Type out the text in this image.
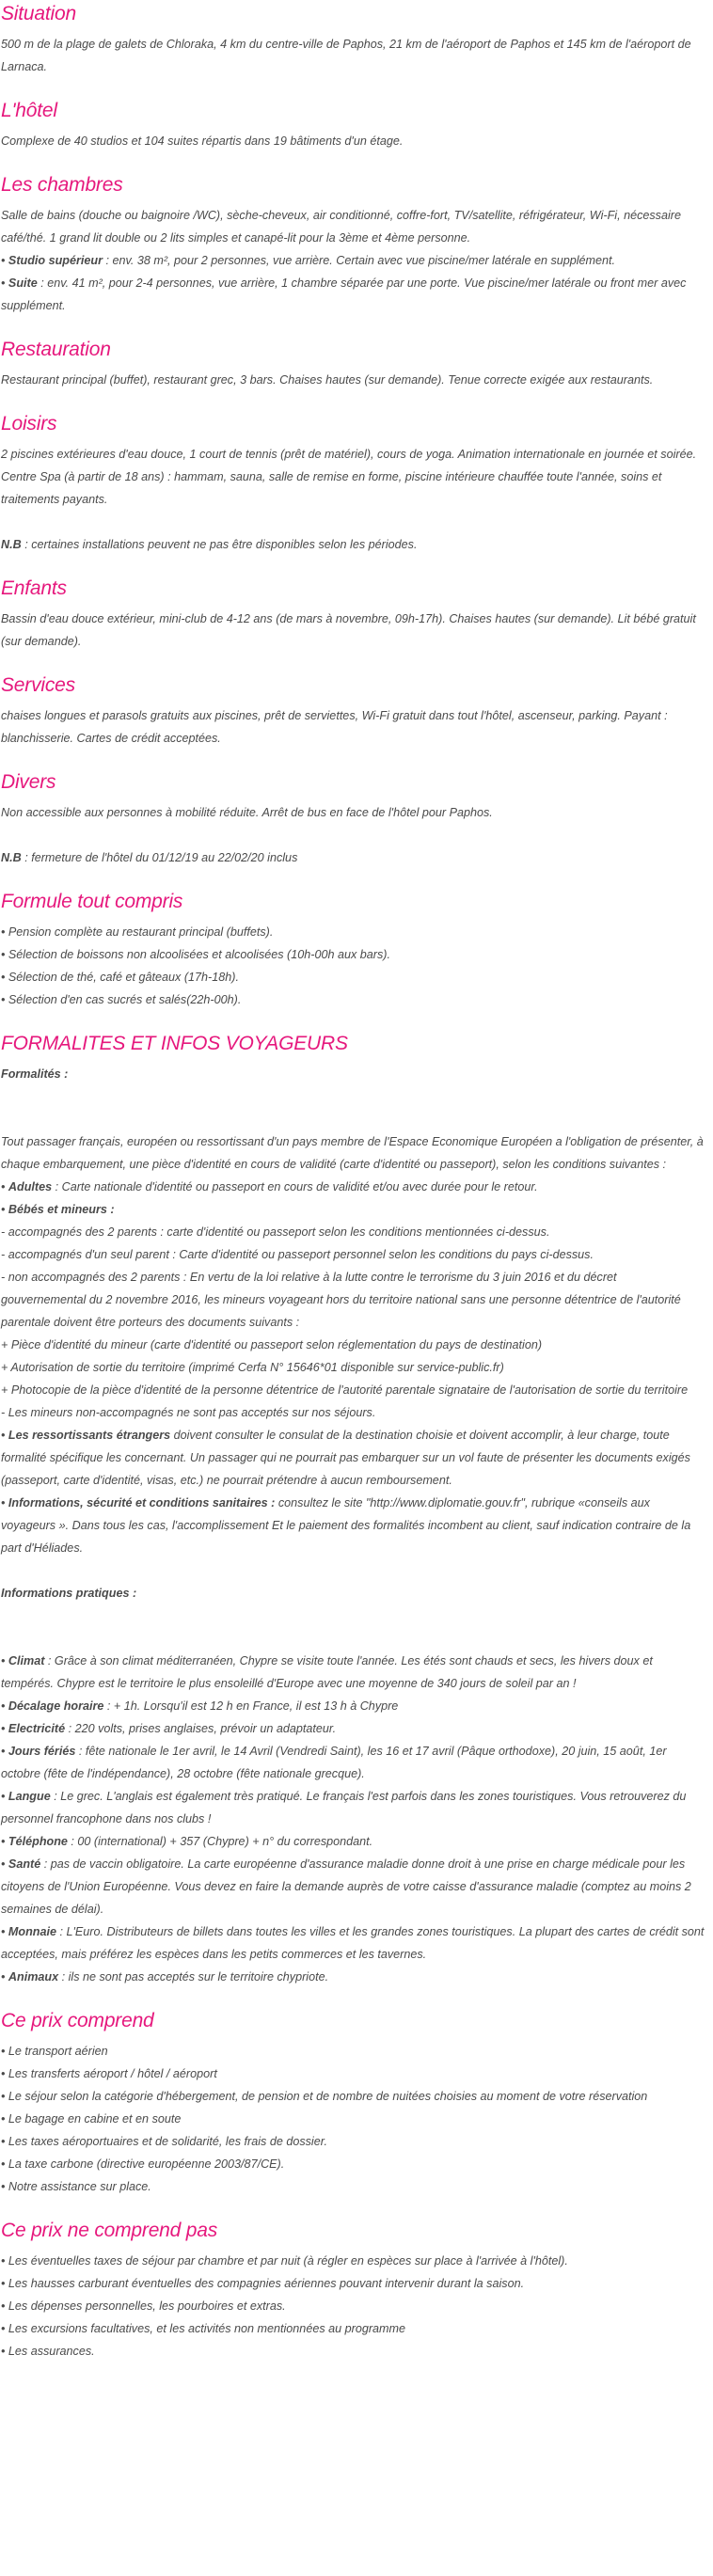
Situation

500 m de la plage de galets de Chloraka, 4 km du centre-ville de Paphos, 21 km de l'aéroport de Paphos et 145 km de l'aéroport de Larnaca.

L'hôtel

Complexe de 40 studios et 104 suites répartis dans 19 bâtiments d'un étage.

Les chambres
Salle de bains (douche ou baignoire /WC), sèche-cheveux, air conditionné, coffre-fort, TV/satellite, réfrigérateur, Wi-Fi, nécessaire café/thé. 1 grand lit double ou 2 lits simples et canapé-lit pour la 3ème et 4ème personne.
• Studio supérieur : env. 38 m², pour 2 personnes, vue arrière. Certain avec vue piscine/mer latérale en supplément.
• Suite : env. 41 m², pour 2-4 personnes, vue arrière, 1 chambre séparée par une porte. Vue piscine/mer latérale ou front mer avec supplément.
Restauration

Restaurant principal (buffet), restaurant grec, 3 bars. Chaises hautes (sur demande). Tenue correcte exigée aux restaurants.

Loisirs
2 piscines extérieures d'eau douce, 1 court de tennis (prêt de matériel), cours de yoga. Animation internationale en journée et soirée. Centre Spa (à partir de 18 ans) : hammam, sauna, salle de remise en forme, piscine intérieure chauffée toute l'année, soins et traitements payants.
N.B : certaines installations peuvent ne pas être disponibles selon les périodes.
Enfants

Bassin d'eau douce extérieur, mini-club de 4-12 ans (de mars à novembre, 09h-17h). Chaises hautes (sur demande). Lit bébé gratuit (sur demande).

Services

chaises longues et parasols gratuits aux piscines, prêt de serviettes, Wi-Fi gratuit dans tout l'hôtel, ascenseur, parking. Payant : blanchisserie. Cartes de crédit acceptées.

Divers
Non accessible aux personnes à mobilité réduite. Arrêt de bus en face de l'hôtel pour Paphos.
N.B : fermeture de l'hôtel du 01/12/19 au 22/02/20 inclus
Formule tout compris
• Pension complète au restaurant principal (buffets).
• Sélection de boissons non alcoolisées et alcoolisées (10h-00h aux bars).
• Sélection de thé, café et gâteaux (17h-18h).
• Sélection d'en cas sucrés et salés(22h-00h).
FORMALITES ET INFOS VOYAGEURS
Formalités :
Tout passager français, européen ou ressortissant d'un pays membre de l'Espace Economique Européen a l'obligation de présenter, à chaque embarquement, une pièce d'identité en cours de validité (carte d'identité ou passeport), selon les conditions suivantes :
• Adultes : Carte nationale d'identité ou passeport en cours de validité et/ou avec durée pour le retour.
• Bébés et mineurs :
- accompagnés des 2 parents : carte d'identité ou passeport selon les conditions mentionnées ci-dessus.
- accompagnés d'un seul parent : Carte d'identité ou passeport personnel selon les conditions du pays ci-dessus.
- non accompagnés des 2 parents : En vertu de la loi relative à la lutte contre le terrorisme du 3 juin 2016 et du décret gouvernemental du 2 novembre 2016, les mineurs voyageant hors du territoire national sans une personne détentrice de l'autorité parentale doivent être porteurs des documents suivants :
+ Pièce d'identité du mineur (carte d'identité ou passeport selon réglementation du pays de destination)
+ Autorisation de sortie du territoire (imprimé Cerfa N° 15646*01 disponible sur service-public.fr)
+ Photocopie de la pièce d'identité de la personne détentrice de l'autorité parentale signataire de l'autorisation de sortie du territoire
- Les mineurs non-accompagnés ne sont pas acceptés sur nos séjours.
• Les ressortissants étrangers doivent consulter le consulat de la destination choisie et doivent accomplir, à leur charge, toute formalité spécifique les concernant. Un passager qui ne pourrait pas embarquer sur un vol faute de présenter les documents exigés (passeport, carte d'identité, visas, etc.) ne pourrait prétendre à aucun remboursement.
• Informations, sécurité et conditions sanitaires : consultez le site "http://www.diplomatie.gouv.fr", rubrique «conseils aux voyageurs ». Dans tous les cas, l'accomplissement Et le paiement des formalités incombent au client, sauf indication contraire de la part d'Héliades.
Informations pratiques :
• Climat : Grâce à son climat méditerranéen, Chypre se visite toute l'année. Les étés sont chauds et secs, les hivers doux et tempérés. Chypre est le territoire le plus ensoleillé d'Europe avec une moyenne de 340 jours de soleil par an !
• Décalage horaire : + 1h. Lorsqu'il est 12 h en France, il est 13 h à Chypre
• Electricité : 220 volts, prises anglaises, prévoir un adaptateur.
• Jours fériés : fête nationale le 1er avril, le 14 Avril (Vendredi Saint), les 16 et 17 avril (Pâque orthodoxe), 20 juin, 15 août, 1er octobre (fête de l'indépendance), 28 octobre (fête nationale grecque).
• Langue : Le grec. L'anglais est également très pratiqué. Le français l'est parfois dans les zones touristiques. Vous retrouverez du personnel francophone dans nos clubs !
• Téléphone : 00 (international) + 357 (Chypre) + n° du correspondant.
• Santé : pas de vaccin obligatoire. La carte européenne d'assurance maladie donne droit à une prise en charge médicale pour les citoyens de l'Union Européenne. Vous devez en faire la demande auprès de votre caisse d'assurance maladie (comptez au moins 2 semaines de délai).
• Monnaie : L'Euro. Distributeurs de billets dans toutes les villes et les grandes zones touristiques. La plupart des cartes de crédit sont acceptées, mais préférez les espèces dans les petits commerces et les tavernes.
• Animaux : ils ne sont pas acceptés sur le territoire chypriote.
Ce prix comprend
• Le transport aérien
• Les transferts aéroport / hôtel / aéroport
• Le séjour selon la catégorie d'hébergement, de pension et de nombre de nuitées choisies au moment de votre réservation
• Le bagage en cabine et en soute
• Les taxes aéroportuaires et de solidarité, les frais de dossier.
• La taxe carbone (directive européenne 2003/87/CE).
• Notre assistance sur place.
Ce prix ne comprend pas
• Les éventuelles taxes de séjour par chambre et par nuit (à régler en espèces sur place à l'arrivée à l'hôtel).
• Les hausses carburant éventuelles des compagnies aériennes pouvant intervenir durant la saison.
• Les dépenses personnelles, les pourboires et extras.
• Les excursions facultatives, et les activités non mentionnées au programme
• Les assurances.
